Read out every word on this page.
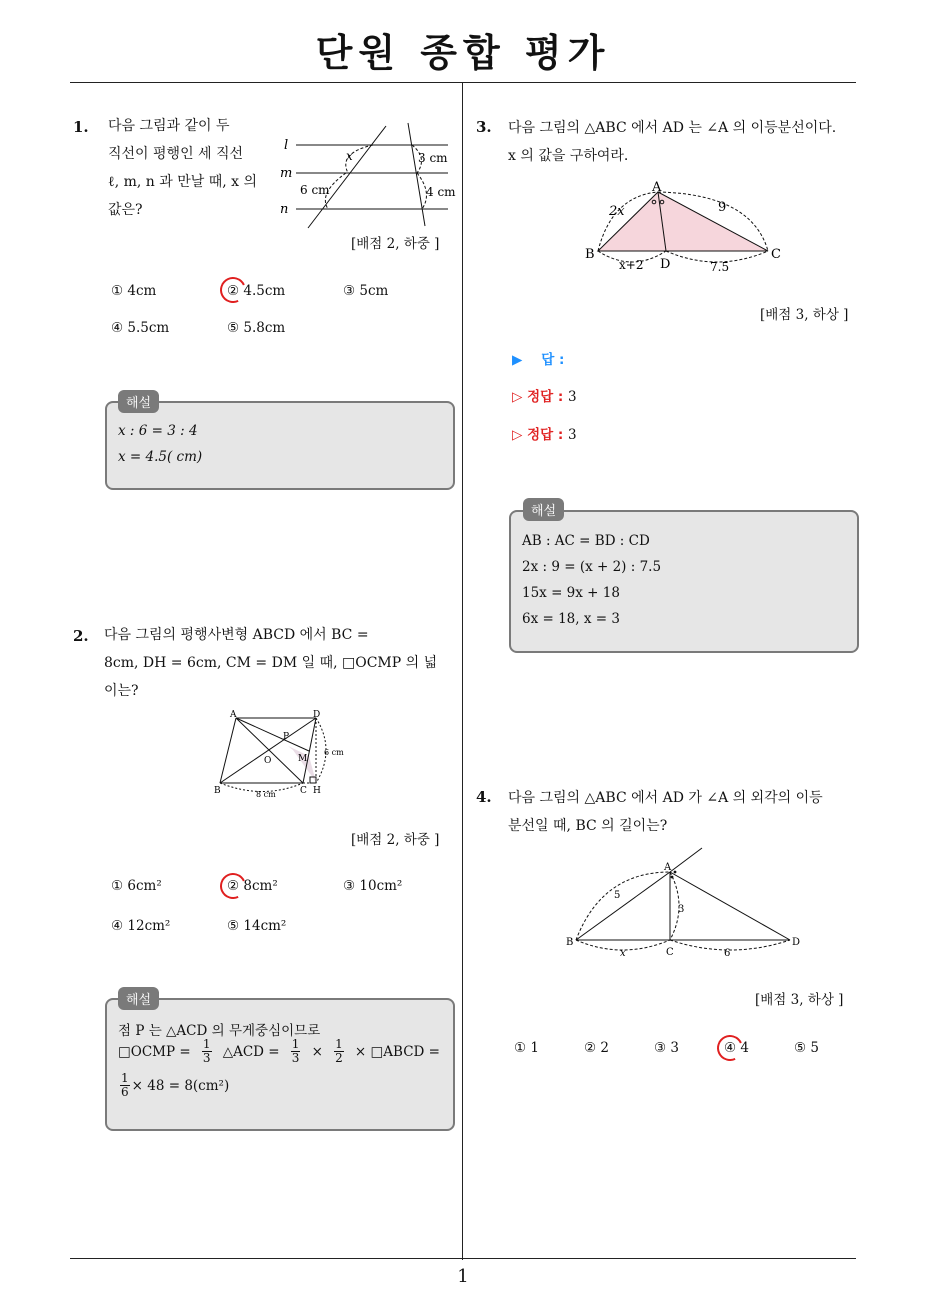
단원 종합 평가
1
1. 다음 그림과 같이 두
직선이 평행인 세 직선
ℓ, m, n 과 만날 때, x 의
값은?
l
m
n
x	3 cm
6 cm	4 cm
[배점 2, 하중 ]
① 4cm	② 4.5cm	③ 5cm
④ 5.5cm	⑤ 5.8cm
해설
x : 6 = 3 : 4
x = 4.5( cm)
2. 다음 그림의 평행사변형 ABCD 에서 BC =
8cm, DH = 6cm, CM = DM 일 때, □OCMP 의 넓
이는?
A	D
P
O	M
B	C H
8 cm
6 cm
[배점 2, 하중 ]
① 6cm²	② 8cm²	③ 10cm²
④ 12cm²	⑤ 14cm²
해설
점 P 는 △ACD 의 무게중심이므로
□OCMP = $\frac{1}{3}$ △ACD = $\frac{1}{3} \times \frac{1}{2}$ × □ABCD =
$\frac{1}{6} \times 48 = 8(cm^2)$
3. 다음 그림의 △ABC 에서 AD 는 ∠A 의 이등분선이다.
x 의 값을 구하여라.
A
B	C
D
2x	9
x+2	7.5
[배점 3, 하상 ]
▶ 답 :
▷ 정답 : 3
▷ 정답 : 3
해설
AB : AC = BD : CD
2x : 9 = (x + 2) : 7.5
15x = 9x + 18
6x = 18, x = 3
4. 다음 그림의 △ABC 에서 AD 가 ∠A 의 외각의 이등
분선일 때, BC 의 길이는?
A
B
C
D
5
3
x	6
[배점 3, 하상 ]
① 1	② 2	③ 3	④ 4	⑤ 5
